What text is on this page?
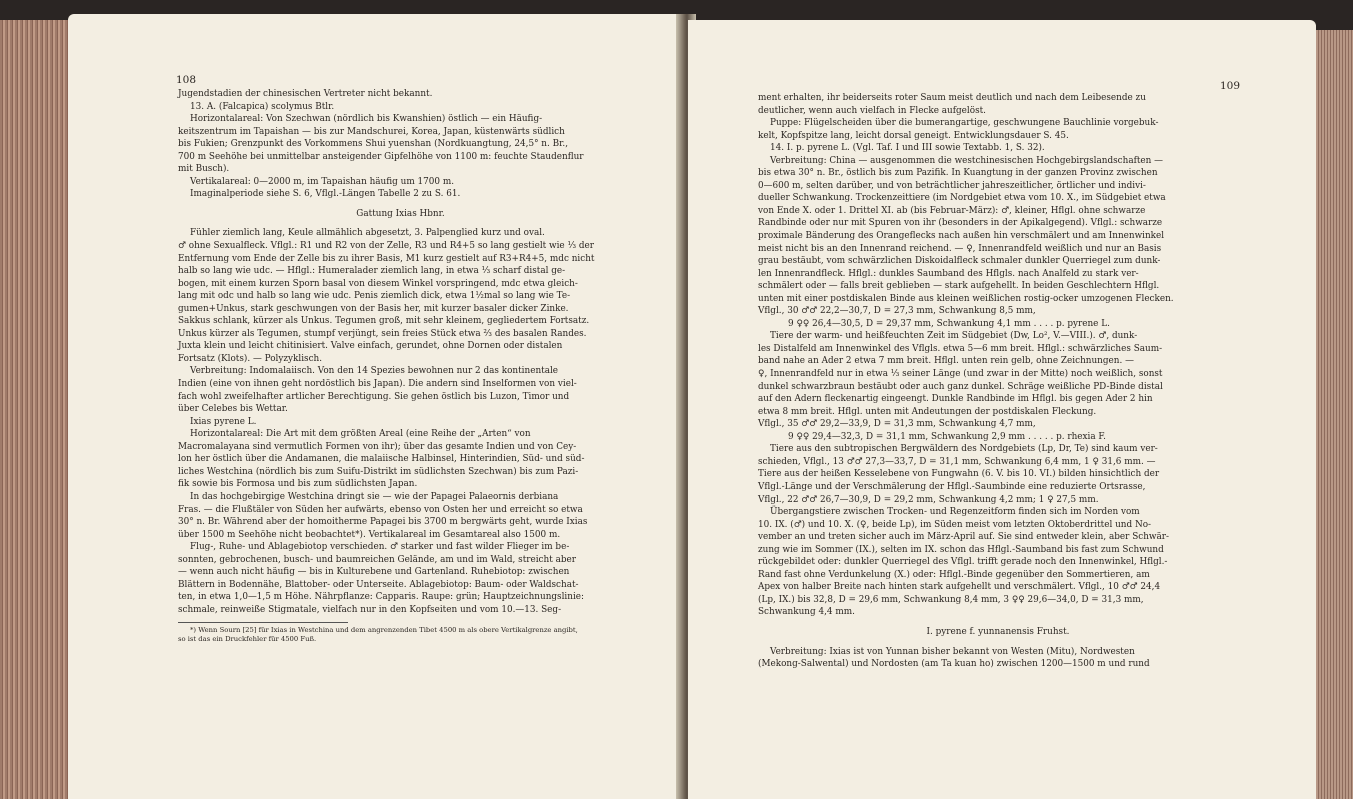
108

Jugendstadien der chinesischen Vertreter nicht bekannt.

13. A. (Falcapica) scolymus Btlr.

Horizontalareal: Von Szechwan (nördlich bis Kwanshien) östlich — ein Häufig-

keitszentrum im Tapaishan — bis zur Mandschurei, Korea, Japan, küstenwärts südlich

bis Fukien; Grenzpunkt des Vorkommens Shui yuenshan (Nordkuangtung, 24,5° n. Br.,

700 m Seehöhe bei unmittelbar ansteigender Gipfelhöhe von 1100 m: feuchte Staudenflur

mit Busch).

Vertikalareal: 0—2000 m, im Tapaishan häufig um 1700 m.

Imaginalperiode siehe S. 6, Vflgl.-Längen Tabelle 2 zu S. 61.

Gattung Ixias Hbnr.

Fühler ziemlich lang, Keule allmählich abgesetzt, 3. Palpenglied kurz und oval.

♂ ohne Sexualfleck. Vflgl.: R1 und R2 von der Zelle, R3 und R4+5 so lang gestielt wie ⅓ der

Entfernung vom Ende der Zelle bis zu ihrer Basis, M1 kurz gestielt auf R3+R4+5, mdc nicht

halb so lang wie udc. — Hflgl.: Humeralader ziemlich lang, in etwa ⅓ scharf distal ge-

bogen, mit einem kurzen Sporn basal von diesem Winkel vorspringend, mdc etwa gleich-

lang mit odc und halb so lang wie udc. Penis ziemlich dick, etwa 1½mal so lang wie Te-

gumen+Unkus, stark geschwungen von der Basis her, mit kurzer basaler dicker Zinke.

Sakkus schlank, kürzer als Unkus. Tegumen groß, mit sehr kleinem, gegliedertem Fortsatz.

Unkus kürzer als Tegumen, stumpf verjüngt, sein freies Stück etwa ⅔ des basalen Randes.

Juxta klein und leicht chitinisiert. Valve einfach, gerundet, ohne Dornen oder distalen

Fortsatz (Klots). — Polyzyklisch.

Verbreitung: Indomalaiisch. Von den 14 Spezies bewohnen nur 2 das kontinentale

Indien (eine von ihnen geht nordöstlich bis Japan). Die andern sind Inselformen von viel-

fach wohl zweifelhafter artlicher Berechtigung. Sie gehen östlich bis Luzon, Timor und

über Celebes bis Wettar.

Ixias pyrene L.

Horizontalareal: Die Art mit dem größten Areal (eine Reihe der „Arten“ von

Macromalayana sind vermutlich Formen von ihr); über das gesamte Indien und von Cey-

lon her östlich über die Andamanen, die malaiische Halbinsel, Hinterindien, Süd- und süd-

liches Westchina (nördlich bis zum Suifu-Distrikt im südlichsten Szechwan) bis zum Pazi-

fik sowie bis Formosa und bis zum südlichsten Japan.

In das hochgebirgige Westchina dringt sie — wie der Papagei Palaeornis derbiana

Fras. — die Flußtäler von Süden her aufwärts, ebenso von Osten her und erreicht so etwa

30° n. Br. Während aber der homoitherme Papagei bis 3700 m bergwärts geht, wurde Ixias

über 1500 m Seehöhe nicht beobachtet*). Vertikalareal im Gesamtareal also 1500 m.

Flug-, Ruhe- und Ablagebiotop verschieden. ♂ starker und fast wilder Flieger im be-

sonnten, gebrochenen, busch- und baumreichen Gelände, am und im Wald, streicht aber

— wenn auch nicht häufig — bis in Kulturebene und Gartenland. Ruhebiotop: zwischen

Blättern in Bodennähe, Blattober- oder Unterseite. Ablagebiotop: Baum- oder Waldschat-

ten, in etwa 1,0—1,5 m Höhe. Nährpflanze: Capparis. Raupe: grün; Hauptzeichnungslinie:

schmale, reinweiße Stigmatale, vielfach nur in den Kopfseiten und vom 10.—13. Seg-

*) Wenn Sourn [25] für Ixias in Westchina und dem angrenzenden Tibet 4500 m als obere Vertikalgrenze angibt,

so ist das ein Druckfehler für 4500 Fuß.

109

ment erhalten, ihr beiderseits roter Saum meist deutlich und nach dem Leibesende zu

deutlicher, wenn auch vielfach in Flecke aufgelöst.

Puppe: Flügelscheiden über die bumerangartige, geschwungene Bauchlinie vorgebuk-

kelt, Kopfspitze lang, leicht dorsal geneigt. Entwicklungsdauer S. 45.

14. I. p. pyrene L. (Vgl. Taf. I und III sowie Textabb. 1, S. 32).

Verbreitung: China — ausgenommen die westchinesischen Hochgebirgslandschaften —

bis etwa 30° n. Br., östlich bis zum Pazifik. In Kuangtung in der ganzen Provinz zwischen

0—600 m, selten darüber, und von beträchtlicher jahreszeitlicher, örtlicher und indivi-

dueller Schwankung. Trockenzeittiere (im Nordgebiet etwa vom 10. X., im Südgebiet etwa

von Ende X. oder 1. Drittel XI. ab (bis Februar-März): ♂, kleiner, Hflgl. ohne schwarze

Randbinde oder nur mit Spuren von ihr (besonders in der Apikalgegend). Vflgl.: schwarze

proximale Bänderung des Orangeflecks nach außen hin verschmälert und am Innenwinkel

meist nicht bis an den Innenrand reichend. — ♀, Innenrandfeld weißlich und nur an Basis

grau bestäubt, vom schwärzlichen Diskoidalfleck schmaler dunkler Querriegel zum dunk-

len Innenrandfleck. Hflgl.: dunkles Saumband des Hflgls. nach Analfeld zu stark ver-

schmälert oder — falls breit geblieben — stark aufgehellt. In beiden Geschlechtern Hflgl.

unten mit einer postdiskalen Binde aus kleinen weißlichen rostig-ocker umzogenen Flecken.

Vflgl., 30 ♂♂ 22,2—30,7, D = 27,3 mm, Schwankung 8,5 mm,

9 ♀♀ 26,4—30,5, D = 29,37 mm, Schwankung 4,1 mm . . . . p. pyrene L.

Tiere der warm- und heißfeuchten Zeit im Südgebiet (Dw, Lo², V.—VIII.). ♂, dunk-

les Distalfeld am Innenwinkel des Vflgls. etwa 5—6 mm breit. Hflgl.: schwärzliches Saum-

band nahe an Ader 2 etwa 7 mm breit. Hflgl. unten rein gelb, ohne Zeichnungen. —

♀, Innenrandfeld nur in etwa ⅓ seiner Länge (und zwar in der Mitte) noch weißlich, sonst

dunkel schwarzbraun bestäubt oder auch ganz dunkel. Schräge weißliche PD-Binde distal

auf den Adern fleckenartig eingeengt. Dunkle Randbinde im Hflgl. bis gegen Ader 2 hin

etwa 8 mm breit. Hflgl. unten mit Andeutungen der postdiskalen Fleckung.

Vflgl., 35 ♂♂ 29,2—33,9, D = 31,3 mm, Schwankung 4,7 mm,

9 ♀♀ 29,4—32,3, D = 31,1 mm, Schwankung 2,9 mm . . . . . p. rhexia F.

Tiere aus den subtropischen Bergwäldern des Nordgebiets (Lp, Dr, Te) sind kaum ver-

schieden, Vflgl., 13 ♂♂ 27,3—33,7, D = 31,1 mm, Schwankung 6,4 mm, 1 ♀ 31,6 mm. —

Tiere aus der heißen Kesselebene von Fungwahn (6. V. bis 10. VI.) bilden hinsichtlich der

Vflgl.-Länge und der Verschmälerung der Hflgl.-Saumbinde eine reduzierte Ortsrasse,

Vflgl., 22 ♂♂ 26,7—30,9, D = 29,2 mm, Schwankung 4,2 mm; 1 ♀ 27,5 mm.

Übergangstiere zwischen Trocken- und Regenzeitform finden sich im Norden vom

10. IX. (♂) und 10. X. (♀, beide Lp), im Süden meist vom letzten Oktoberdrittel und No-

vember an und treten sicher auch im März-April auf. Sie sind entweder klein, aber Schwär-

zung wie im Sommer (IX.), selten im IX. schon das Hflgl.-Saumband bis fast zum Schwund

rückgebildet oder: dunkler Querriegel des Vflgl. trifft gerade noch den Innenwinkel, Hflgl.-

Rand fast ohne Verdunkelung (X.) oder: Hflgl.-Binde gegenüber den Sommertieren, am

Apex von halber Breite nach hinten stark aufgehellt und verschmälert. Vflgl., 10 ♂♂ 24,4

(Lp, IX.) bis 32,8, D = 29,6 mm, Schwankung 8,4 mm, 3 ♀♀ 29,6—34,0, D = 31,3 mm,

Schwankung 4,4 mm.

I. pyrene f. yunnanensis Fruhst.

Verbreitung: Ixias ist von Yunnan bisher bekannt von Westen (Mitu), Nordwesten

(Mekong-Salwental) und Nordosten (am Ta kuan ho) zwischen 1200—1500 m und rund
